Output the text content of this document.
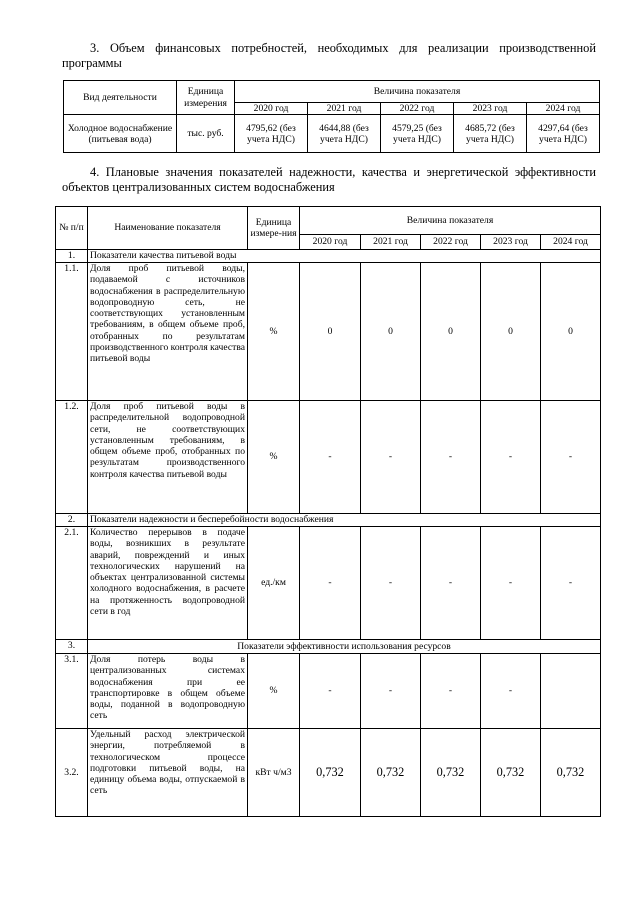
3. Объем финансовых потребностей, необходимых для реализации производственной программы
Вид деятельности	Единица измерения	Величина показателя				
		2020 год	2021 год	2022 год	2023 год	2024 год
Холодное водоснабжение (питьевая вода)	тыс. руб.	4795,62 (без учета НДС)	4644,88 (без учета НДС)	4579,25 (без учета НДС)	4685,72 (без учета НДС)	4297,64 (без учета НДС)
4. Плановые значения показателей надежности, качества и энергетической эффективности объектов централизованных систем водоснабжения
№ п/п	Наименование показателя	Единица измере-ния	Величина показателя				
			2020 год	2021 год	2022 год	2023 год	2024 год
1.	Показатели качества питьевой воды						
1.1.	Доля проб питьевой воды, подаваемой с источников водоснабжения в распределительную водопроводную сеть, не соответствующих установленным требованиям, в общем объеме проб, отобранных по результатам производственного контроля качества питьевой воды	%	0	0	0	0	0
1.2.	Доля проб питьевой воды в распределительной водопроводной сети, не соответствующих установленным требованиям, в общем объеме проб, отобранных по результатам производственного контроля качества питьевой воды	%	-	-	-	-	-
2.	Показатели надежности и бесперебойности водоснабжения						
2.1.	Количество перерывов в подаче воды, возникших в результате аварий, повреждений и иных технологических нарушений на объектах централизованной системы холодного водоснабжения, в расчете на протяженность водопроводной сети в год	ед./км	-	-	-	-	-
3.	Показатели эффективности использования ресурсов						
3.1.	Доля потерь воды в централизованных системах водоснабжения при ее транспортировке в общем объеме воды, поданной в водопроводную сеть	%	-	-	-	-	
3.2.	Удельный расход электрической энергии, потребляемой в технологическом процессе подготовки питьевой воды, на единицу объема воды, отпускаемой в сеть	кВт ч/м3	0,732	0,732	0,732	0,732	0,732
